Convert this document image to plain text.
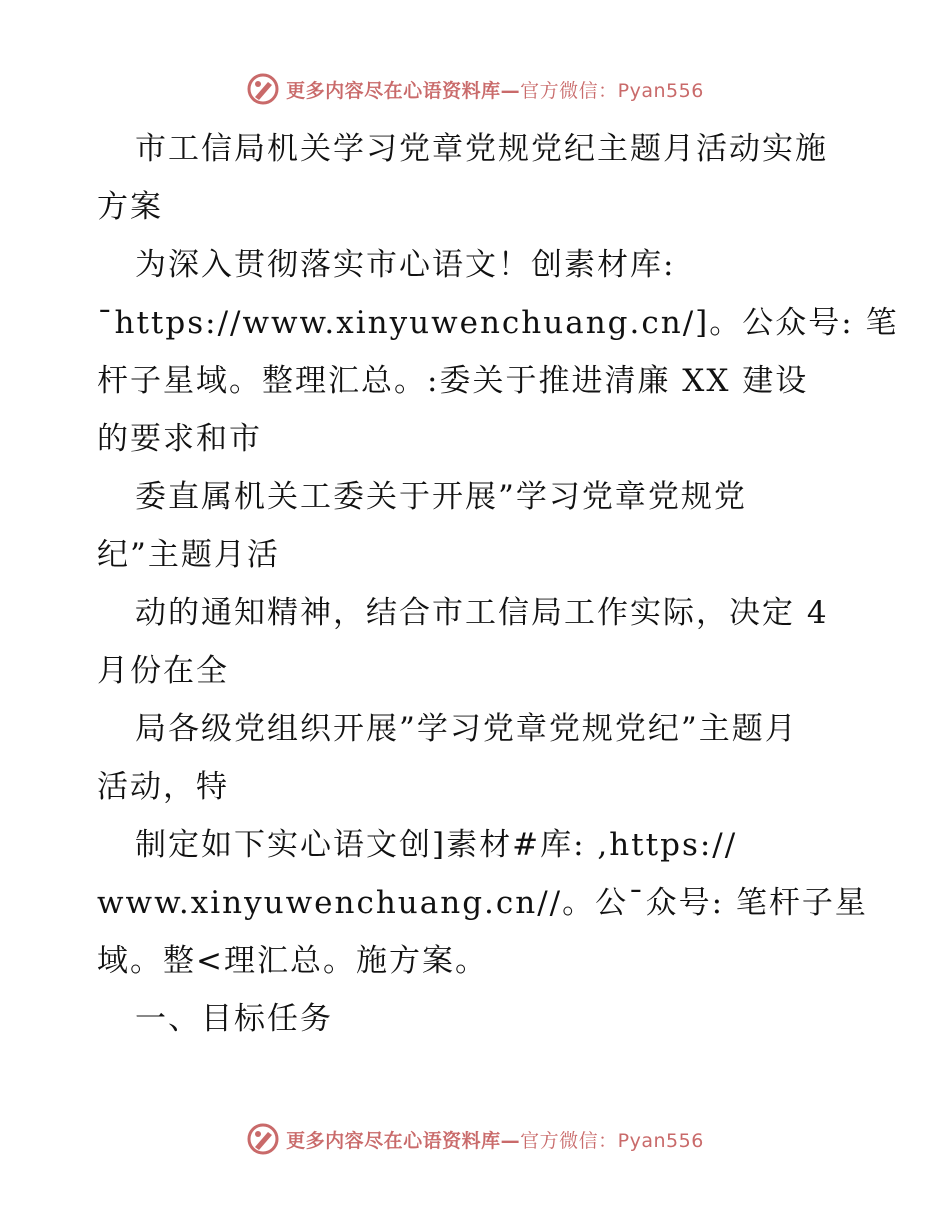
更多内容尽在心语资料库—官方微信：Pyan556
市工信局机关学习党章党规党纪主题月活动实施
方案
为深入贯彻落实市心语文！创素材库:
¯https://www.xinyuwenchuang.cn/]。公众号: 笔
杆子星域。整理汇总。:委关于推进清廉 XX 建设
的要求和市
委直属机关工委关于开展”学习党章党规党
纪”主题月活
动的通知精神，结合市工信局工作实际，决定 4
月份在全
局各级党组织开展”学习党章党规党纪”主题月
活动，特
制定如下实心语文创]素材#库: ,https://
www.xinyuwenchuang.cn//。公¯众号: 笔杆子星
域。整<理汇总。施方案。
一、目标任务
更多内容尽在心语资料库—官方微信：Pyan556
